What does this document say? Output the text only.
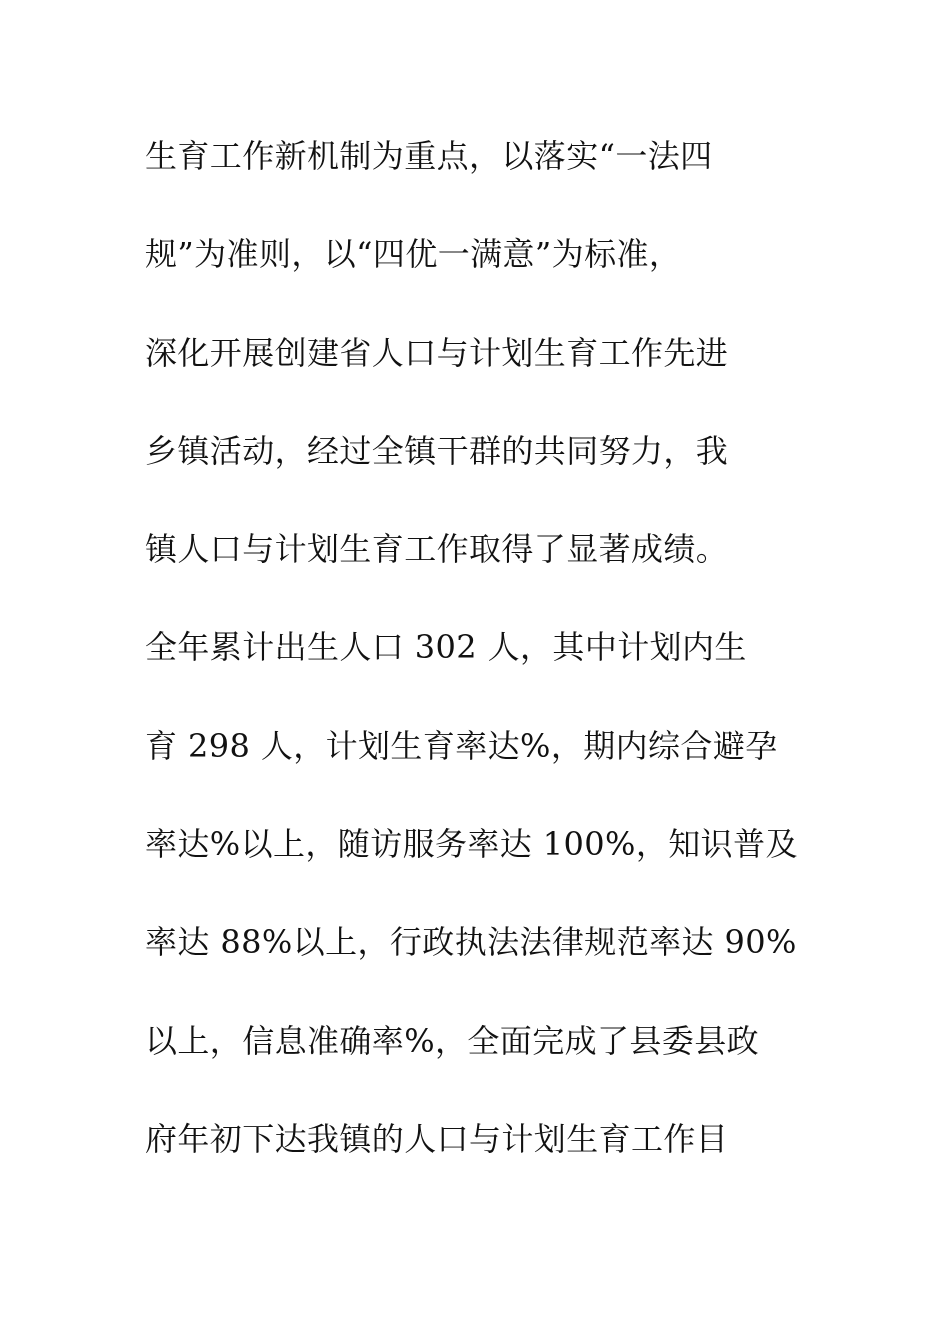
生育工作新机制为重点，以落实“一法四
规”为准则，以“四优一满意”为标准，
深化开展创建省人口与计划生育工作先进
乡镇活动，经过全镇干群的共同努力，我
镇人口与计划生育工作取得了显著成绩。
全年累计出生人口 302 人，其中计划内生
育 298 人，计划生育率达%，期内综合避孕
率达%以上，随访服务率达 100%，知识普及
率达 88%以上，行政执法法律规范率达 90%
以上，信息准确率%，全面完成了县委县政
府年初下达我镇的人口与计划生育工作目
